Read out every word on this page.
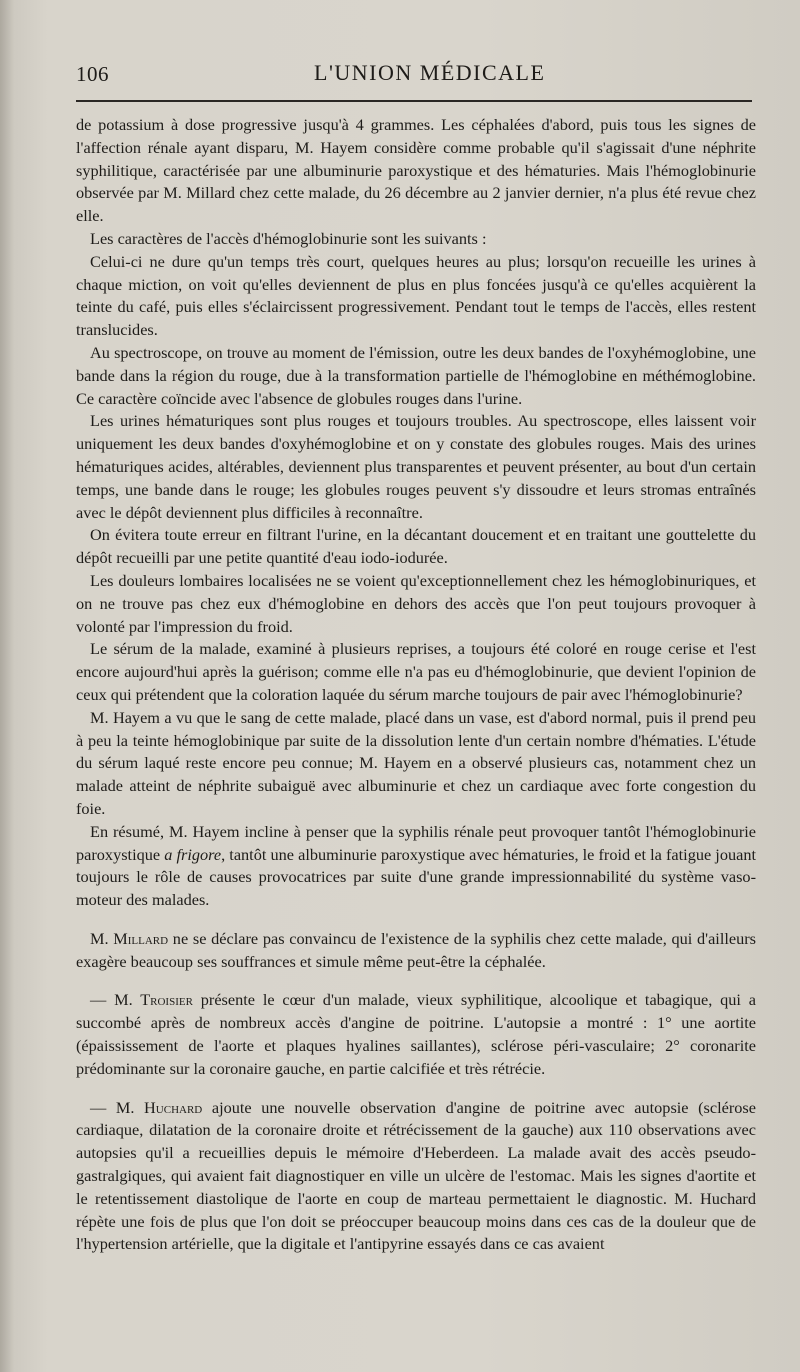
106	L'UNION MÉDICALE

de potassium à dose progressive jusqu'à 4 grammes. Les céphalées d'abord, puis tous les signes de l'affection rénale ayant disparu, M. Hayem considère comme probable qu'il s'agissait d'une néphrite syphilitique, caractérisée par une albuminurie paroxystique et des hématuries. Mais l'hémoglobinurie observée par M. Millard chez cette malade, du 26 décembre au 2 janvier dernier, n'a plus été revue chez elle.

Les caractères de l'accès d'hémoglobinurie sont les suivants :

Celui-ci ne dure qu'un temps très court, quelques heures au plus; lorsqu'on recueille les urines à chaque miction, on voit qu'elles deviennent de plus en plus foncées jusqu'à ce qu'elles acquièrent la teinte du café, puis elles s'éclaircissent progressivement. Pendant tout le temps de l'accès, elles restent translucides.

Au spectroscope, on trouve au moment de l'émission, outre les deux bandes de l'oxyhémoglobine, une bande dans la région du rouge, due à la transformation partielle de l'hémoglobine en méthémoglobine. Ce caractère coïncide avec l'absence de globules rouges dans l'urine.

Les urines hématuriques sont plus rouges et toujours troubles. Au spectroscope, elles laissent voir uniquement les deux bandes d'oxyhémoglobine et on y constate des globules rouges. Mais des urines hématuriques acides, altérables, deviennent plus transparentes et peuvent présenter, au bout d'un certain temps, une bande dans le rouge; les globules rouges peuvent s'y dissoudre et leurs stromas entraînés avec le dépôt deviennent plus difficiles à reconnaître.

On évitera toute erreur en filtrant l'urine, en la décantant doucement et en traitant une gouttelette du dépôt recueilli par une petite quantité d'eau iodo-iodurée.

Les douleurs lombaires localisées ne se voient qu'exceptionnellement chez les hémoglobinuriques, et on ne trouve pas chez eux d'hémoglobine en dehors des accès que l'on peut toujours provoquer à volonté par l'impression du froid.

Le sérum de la malade, examiné à plusieurs reprises, a toujours été coloré en rouge cerise et l'est encore aujourd'hui après la guérison; comme elle n'a pas eu d'hémoglobinurie, que devient l'opinion de ceux qui prétendent que la coloration laquée du sérum marche toujours de pair avec l'hémoglobinurie?

M. Hayem a vu que le sang de cette malade, placé dans un vase, est d'abord normal, puis il prend peu à peu la teinte hémoglobinique par suite de la dissolution lente d'un certain nombre d'hématies. L'étude du sérum laqué reste encore peu connue; M. Hayem en a observé plusieurs cas, notamment chez un malade atteint de néphrite subaiguë avec albuminurie et chez un cardiaque avec forte congestion du foie.

En résumé, M. Hayem incline à penser que la syphilis rénale peut provoquer tantôt l'hémoglobinurie paroxystique a frigore, tantôt une albuminurie paroxystique avec hématuries, le froid et la fatigue jouant toujours le rôle de causes provocatrices par suite d'une grande impressionnabilité du système vaso-moteur des malades.

M. Millard ne se déclare pas convaincu de l'existence de la syphilis chez cette malade, qui d'ailleurs exagère beaucoup ses souffrances et simule même peut-être la céphalée.

— M. Troisier présente le cœur d'un malade, vieux syphilitique, alcoolique et tabagique, qui a succombé après de nombreux accès d'angine de poitrine. L'autopsie a montré : 1° une aortite (épaississement de l'aorte et plaques hyalines saillantes), sclérose péri-vasculaire; 2° coronarite prédominante sur la coronaire gauche, en partie calcifiée et très rétrécie.

— M. Huchard ajoute une nouvelle observation d'angine de poitrine avec autopsie (sclérose cardiaque, dilatation de la coronaire droite et rétrécissement de la gauche) aux 110 observations avec autopsies qu'il a recueillies depuis le mémoire d'Heberdeen. La malade avait des accès pseudo-gastralgiques, qui avaient fait diagnostiquer en ville un ulcère de l'estomac. Mais les signes d'aortite et le retentissement diastolique de l'aorte en coup de marteau permettaient le diagnostic. M. Huchard répète une fois de plus que l'on doit se préoccuper beaucoup moins dans ces cas de la douleur que de l'hypertension artérielle, que la digitale et l'antipyrine essayés dans ce cas avaient
